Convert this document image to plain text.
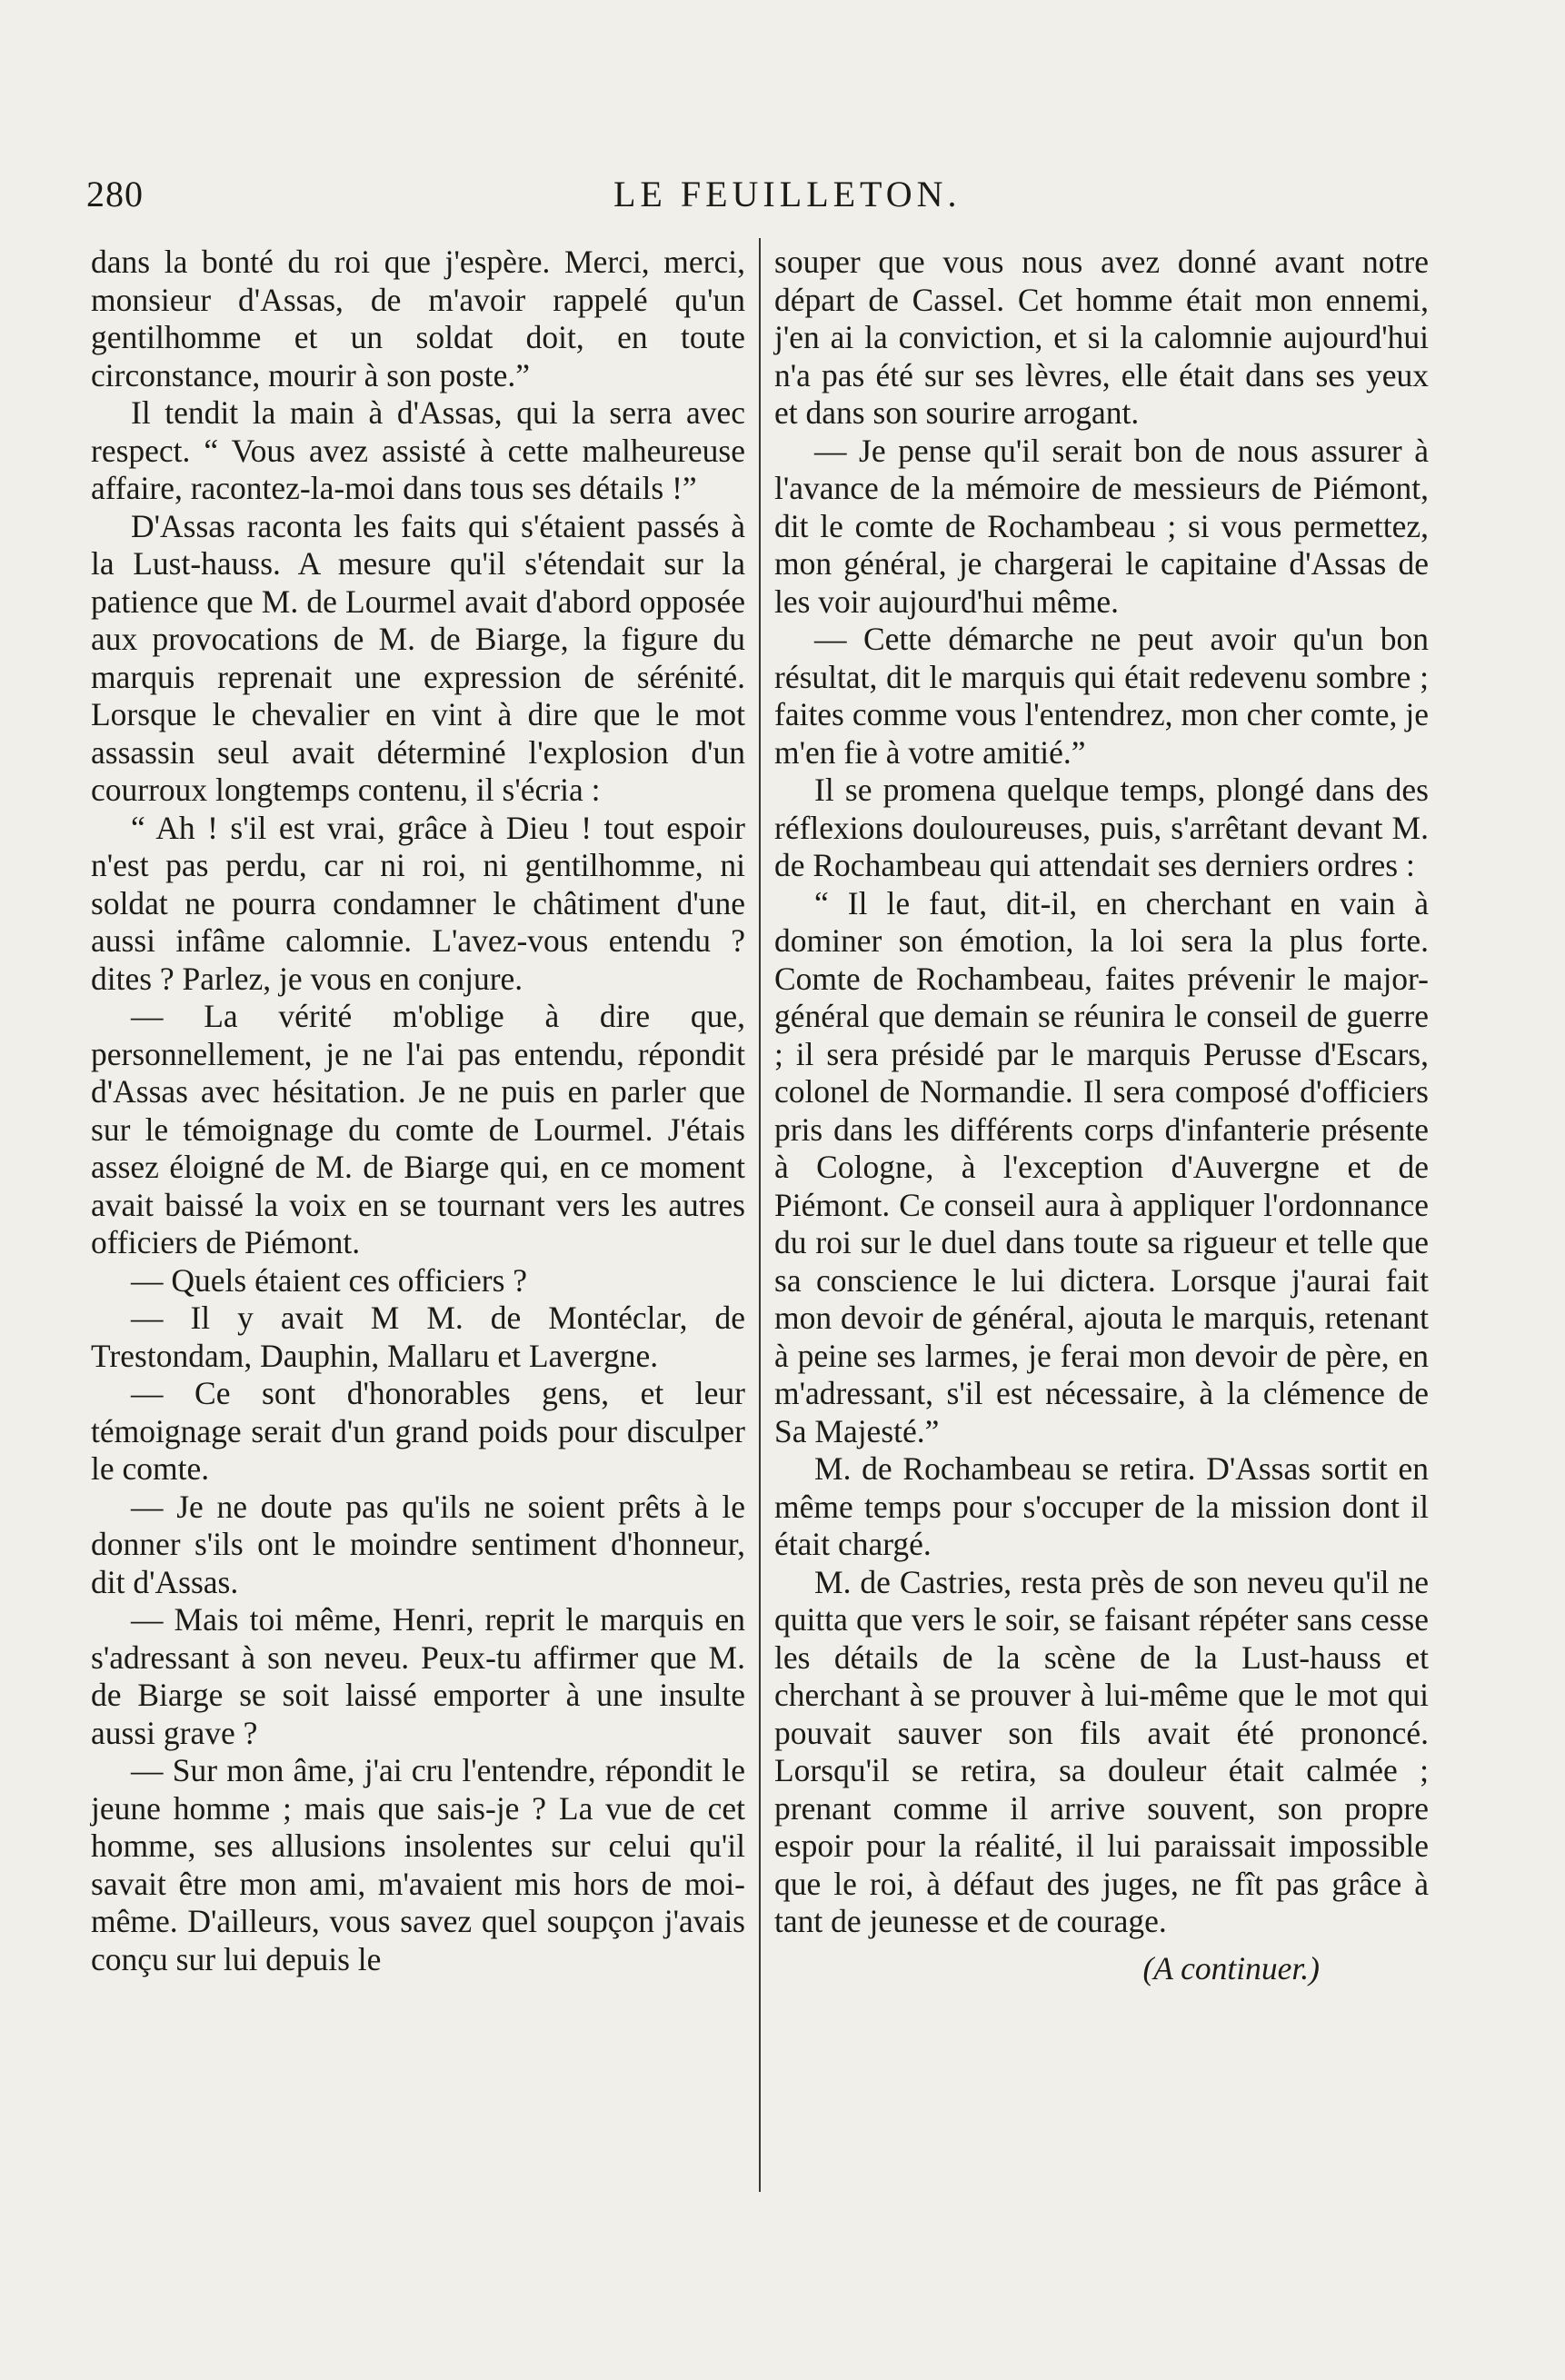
280	LE FEUILLETON.

dans la bonté du roi que j'espère. Merci, merci, monsieur d'Assas, de m'avoir rappelé qu'un gentilhomme et un soldat doit, en toute circonstance, mourir à son poste.”

Il tendit la main à d'Assas, qui la serra avec respect. “ Vous avez assisté à cette malheureuse affaire, racontez-la-moi dans tous ses détails !”

D'Assas raconta les faits qui s'étaient passés à la Lust-hauss. A mesure qu'il s'étendait sur la patience que M. de Lourmel avait d'abord opposée aux provocations de M. de Biarge, la figure du marquis reprenait une expression de sérénité. Lorsque le chevalier en vint à dire que le mot assassin seul avait déterminé l'explosion d'un courroux longtemps contenu, il s'écria :

“ Ah ! s'il est vrai, grâce à Dieu ! tout espoir n'est pas perdu, car ni roi, ni gentilhomme, ni soldat ne pourra condamner le châtiment d'une aussi infâme calomnie. L'avez-vous entendu ? dites ? Parlez, je vous en conjure.

— La vérité m'oblige à dire que, personnellement, je ne l'ai pas entendu, répondit d'Assas avec hésitation. Je ne puis en parler que sur le témoignage du comte de Lourmel. J'étais assez éloigné de M. de Biarge qui, en ce moment avait baissé la voix en se tournant vers les autres officiers de Piémont.

— Quels étaient ces officiers ?

— Il y avait M M. de Montéclar, de Trestondam, Dauphin, Mallaru et Lavergne.

— Ce sont d'honorables gens, et leur témoignage serait d'un grand poids pour disculper le comte.

— Je ne doute pas qu'ils ne soient prêts à le donner s'ils ont le moindre sentiment d'honneur, dit d'Assas.

— Mais toi même, Henri, reprit le marquis en s'adressant à son neveu. Peux-tu affirmer que M. de Biarge se soit laissé emporter à une insulte aussi grave ?

— Sur mon âme, j'ai cru l'entendre, répondit le jeune homme ; mais que sais-je ? La vue de cet homme, ses allusions insolentes sur celui qu'il savait être mon ami, m'avaient mis hors de moi-même. D'ailleurs, vous savez quel soupçon j'avais conçu sur lui depuis le

souper que vous nous avez donné avant notre départ de Cassel. Cet homme était mon ennemi, j'en ai la conviction, et si la calomnie aujourd'hui n'a pas été sur ses lèvres, elle était dans ses yeux et dans son sourire arrogant.

— Je pense qu'il serait bon de nous assurer à l'avance de la mémoire de messieurs de Piémont, dit le comte de Rochambeau ; si vous permettez, mon général, je chargerai le capitaine d'Assas de les voir aujourd'hui même.

— Cette démarche ne peut avoir qu'un bon résultat, dit le marquis qui était redevenu sombre ; faites comme vous l'entendrez, mon cher comte, je m'en fie à votre amitié.”

Il se promena quelque temps, plongé dans des réflexions douloureuses, puis, s'arrêtant devant M. de Rochambeau qui attendait ses derniers ordres :

“ Il le faut, dit-il, en cherchant en vain à dominer son émotion, la loi sera la plus forte. Comte de Rochambeau, faites prévenir le major-général que demain se réunira le conseil de guerre ; il sera présidé par le marquis Perusse d'Escars, colonel de Normandie. Il sera composé d'officiers pris dans les différents corps d'infanterie présente à Cologne, à l'exception d'Auvergne et de Piémont. Ce conseil aura à appliquer l'ordonnance du roi sur le duel dans toute sa rigueur et telle que sa conscience le lui dictera. Lorsque j'aurai fait mon devoir de général, ajouta le marquis, retenant à peine ses larmes, je ferai mon devoir de père, en m'adressant, s'il est nécessaire, à la clémence de Sa Majesté.”

M. de Rochambeau se retira. D'Assas sortit en même temps pour s'occuper de la mission dont il était chargé.

M. de Castries, resta près de son neveu qu'il ne quitta que vers le soir, se faisant répéter sans cesse les détails de la scène de la Lust-hauss et cherchant à se prouver à lui-même que le mot qui pouvait sauver son fils avait été prononcé. Lorsqu'il se retira, sa douleur était calmée ; prenant comme il arrive souvent, son propre espoir pour la réalité, il lui paraissait impossible que le roi, à défaut des juges, ne fît pas grâce à tant de jeunesse et de courage.

(A continuer.)
